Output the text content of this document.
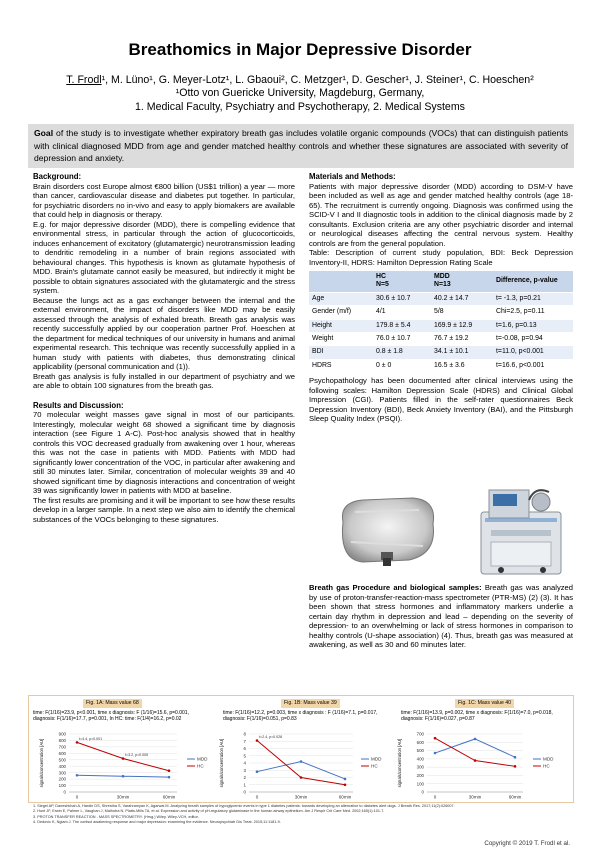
Breathomics in Major Depressive Disorder
T. Frodl¹, M. Lüno¹, G. Meyer-Lotz¹, L. Gbaoui², C. Metzger¹, D. Gescher¹, J. Steiner¹, C. Hoeschen²
¹Otto von Guericke University, Magdeburg, Germany,
1. Medical Faculty, Psychiatry and Psychotherapy, 2. Medical Systems
Goal of the study is to investigate whether expiratory breath gas includes volatile organic compounds (VOCs) that can distinguish patients with clinical diagnosed MDD from age and gender matched healthy controls and whether these signatures are associated with severity of depression and anxiety.
Background:

Brain disorders cost Europe almost €800 billion (US$1 trillion) a year — more than cancer, cardiovascular disease and diabetes put together. In particular, for psychiatric disorders no in-vivo and easy to apply biomakers are available that could help in diagnosis or therapy.

E.g. for major depressive disorder (MDD), there is compelling evidence that environmental stress, in particular through the action of glucocorticoids, induces enhancement of excitatory (glutamatergic) neurotransmission leading to dendritic remodeling in a number of brain regions associated with behavioural changes. This hypothesis is known as glutamate hypothesis of MDD. Brain's glutamate cannot easily be measured, but indirectly it might be possible to obtain signatures associated with the glutamatergic and the stress system.

Because the lungs act as a gas exchanger between the internal and the external environment, the impact of disorders like MDD may be easily assessed through the analysis of exhaled breath. Breath gas analysis was recently successfully applied by our cooperation partner Prof. Hoeschen at the department for medical techniques of our university in humans and animal experimental research. This technique was recently successfully applied in a human study with patients with diabetes, thus demonstrating clinical applicability (personal communication and (1)).

Breath gas analysis is fully installed in our department of psychiatry and we are able to obtain 100 signatures from the breath gas.

Results and Discussion:

70 molecular weight masses gave signal in most of our participants. Interestingly, molecular weight 68 showed a significant time by diagnosis interaction (see Figure 1 A-C). Post-hoc analysis showed that in healthy controls this VOC decreased gradually from awakening over 1 hour, whereas this was not the case in patients with MDD. Patients with MDD had significantly lower concentration of the VOC, in particular after awakening and still 30 minutes later. Similar, concentration of molecular weights 39 and 40 showed significant time by diagnosis interactions and concentration of weight 39 was significantly lower in patients with MDD at baseline.

The first results are promising and it will be important to see how these results develop in a larger sample. In a next step we also aim to identify the chemical substances of the VOCs belonging to these signatures.

Materials and Methods:

Patients with major depressive disorder (MDD) according to DSM-V have been included as well as age and gender matched healthy controls (age 18-65). The recruitment is currently ongoing. Diagnosis was confirmed using the SCID-V I and II diagnostic tools in addition to the clinical diagnosis made by 2 consultants. Exclusion criteria are any other psychiatric disorder and internal or neurological diseases affecting the central nervous system. Healthy controls are from the general population.

Table: Description of current study population, BDI: Beck Depression Inventory-II, HDRS: Hamilton Depression Rating Scale

	HC
N=5	MDD
N=13	Difference, p-value
Age	30.6 ± 10.7	40.2 ± 14.7	t= -1.3, p=0.21
Gender (m/f)	4/1	5/8	Chi=2.5, p=0.11
Height	179.8 ± 5.4	169.9 ± 12.9	t=1.6, p=0.13
Weight	76.0 ± 10.7	76.7 ± 19.2	t=-0.08, p=0.94
BDI	0.8 ± 1.8	34.1 ± 10.1	t=11.0, p<0.001
HDRS	0 ± 0	16.5 ± 3.6	t=16.6, p<0.001

Psychopathology has been documented after clinical interviews using the following scales: Hamilton Depression Scale (HDRS) and Clinical Global Impression (CGI). Patients filled in the self-rater questionnaires Beck Depression Inventory (BDI), Beck Anxiety Inventory (BAI), and the Pittsburgh Sleep Quality Index (PSQI).

Breath gas Procedure and biological samples: Breath gas was analyzed by use of proton-transfer-reaction-mass spectrometer (PTR-MS) (2) (3). It has been shown that stress hormones and inflammatory markers underlie a certain day rhythm in depression and lead – depending on the severity of depression- to an overwhelming or lack of stress hormones in comparison to healthy controls (U-shape association) (4). Thus, breath gas was measured at awakening, as well as 30 and 60 minutes later.

Fig. 1A: Mass value 68	Fig. 1B: Mass value 39	Fig. 1C: Mass value 40
time: F(1/16)=23.9, p<0.001, time x diagnosis: F (1/16)=15.6, p=0.001, diagnosis: F(1/16)=17.7, p=0.001, In HC: time: F(1/4)=16.2, p=0.02
time: F(1/16)=12.2, p=0.003, time x diagnosis : F (1/16)=7.1, p=0.017, diagnosis: F(1/16)=0.051, p=0.83
time: F(1/16)=13.9, p=0.002, time x diagnosis: F(1/16)=7.0, p=0.018, diagnosis: F(1/16)=0.027, p=0.87
signals/concentration [AU]
0
100
200
300
400
500
600
700
800
900
0	30min	60min
MDD
HC
t=4.4, p=0.001
t=3.2, p=0.005	signals/concentration [AU]
0
1
2
3
4
5
6
7
8
0	30min	60min
MDD
HC
t=2.4, p=0.028
signals/concentration [AU]
0
100
200
300
400
500
600
700
0	30min	60min
MDD
HC
1. Siegel AP, Daneshkhah A, Hardin DS, Shrestha S, Varahramyan K, Agarwal M. Analyzing breath samples of hypoglycemic events in type 1 diabetes patients: towards developing an alternative to diabetes alert dogs. J Breath Res. 2017;11(2):026007.
2. Hunt JF, Erwin E, Palmer L, Vaughan J, Malhotra N, Platts-Mills TA, et al. Expression and activity of pH-regulatory glutaminase in the human airway epithelium. Am J Respir Crit Care Med. 2002;165(1):101-7.
3. PROTON TRANSFER REACTION - MASS SPECTROMETRY. (Hrsg.) Wiley. Wiley-VCH, editor.
4. Dedovic K, Ngiam J. The cortisol awakening response and major depression: examining the evidence. Neuropsychiatr Dis Treat. 2015;11:1181-9.
Copyright © 2019 T. Frodl et al.
